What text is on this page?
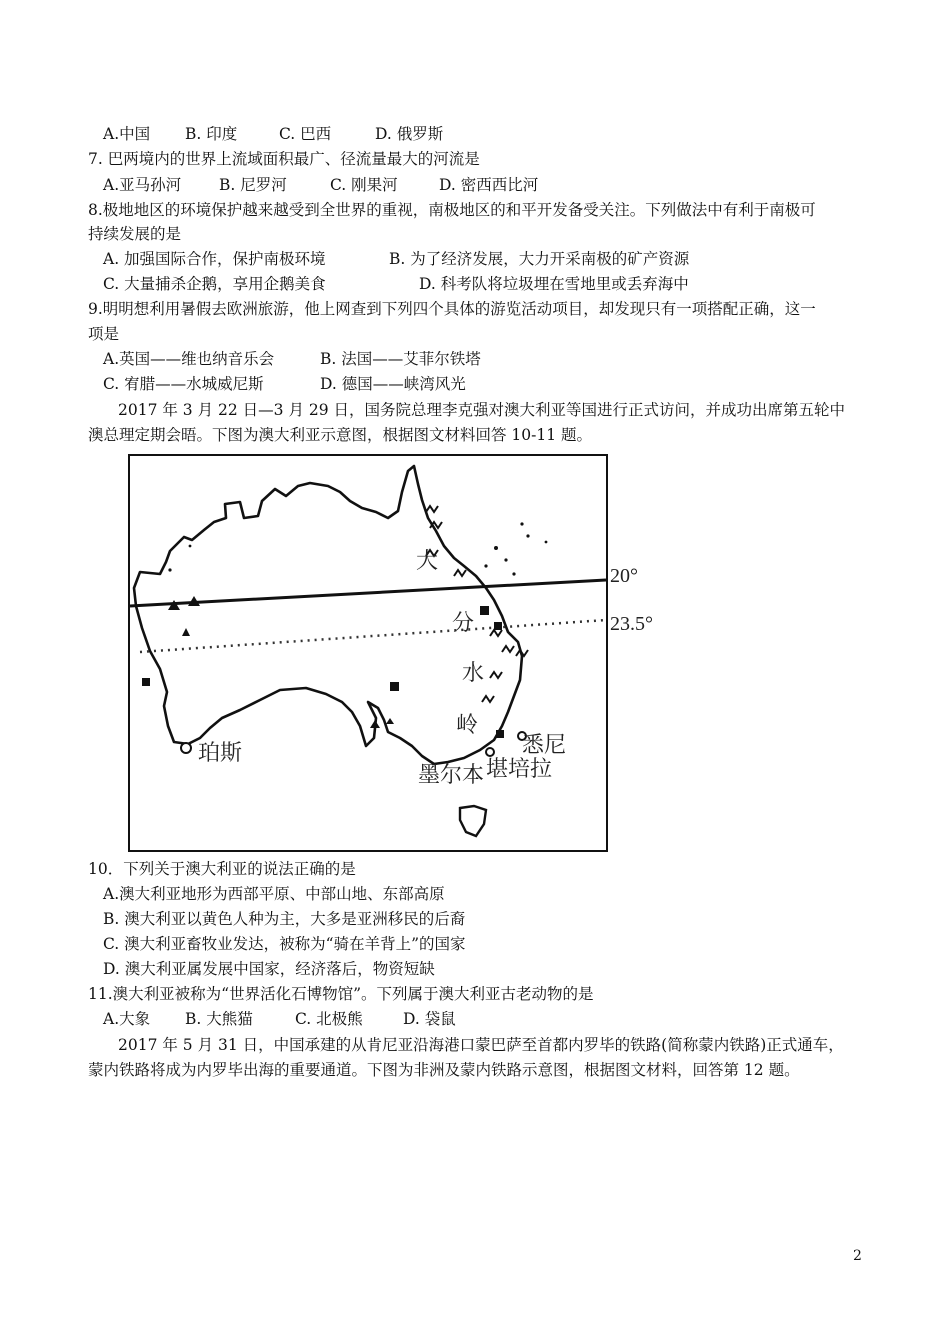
A.中国 B. 印度	C. 巴西	D. 俄罗斯
7. 巴两境内的世界上流域面积最广、径流量最大的河流是
A.亚马孙河 B. 尼罗河	C. 刚果河	D. 密西西比河
8.极地地区的环境保护越来越受到全世界的重视，南极地区的和平开发备受关注。下列做法中有利于南极可
持续发展的是
A. 加强国际合作，保护南极环境	B. 为了经济发展，大力开采南极的矿产资源
C. 大量捕杀企鹅，享用企鹅美食	D. 科考队将垃圾埋在雪地里或丢弃海中
9.明明想利用暑假去欧洲旅游，他上网查到下列四个具体的游览活动项目，却发现只有一项搭配正确，这一
项是
A.英国——维也纳音乐会	B. 法国——艾菲尔铁塔
C. 宥腊——水城威尼斯	D. 德国——峡湾风光
2017 年 3 月 22 日—3 月 29 日，国务院总理李克强对澳大利亚等国进行正式访问，并成功出席第五轮中
澳总理定期会晤。下图为澳大利亚示意图，根据图文材料回答 10-11 题。
大
分
水
岭
珀斯	悉尼
堪培拉
墨尔本
20°
23.5°
10．下列关于澳大利亚的说法正确的是
A.澳大利亚地形为西部平原、中部山地、东部高原
B. 澳大利亚以黄色人种为主，大多是亚洲移民的后裔
C. 澳大利亚畜牧业发达，被称为“骑在羊背上”的国家
D. 澳大利亚属发展中国家，经济落后，物资短缺
11.澳大利亚被称为“世界活化石博物馆”。下列属于澳大利亚古老动物的是
A.大象 B. 大熊猫	C. 北极熊	D. 袋鼠
2017 年 5 月 31 日，中国承建的从肯尼亚沿海港口蒙巴萨至首都内罗毕的铁路(简称蒙内铁路)正式通车，
蒙内铁路将成为内罗毕出海的重要通道。下图为非洲及蒙内铁路示意图，根据图文材料，回答第 12 题。
2
